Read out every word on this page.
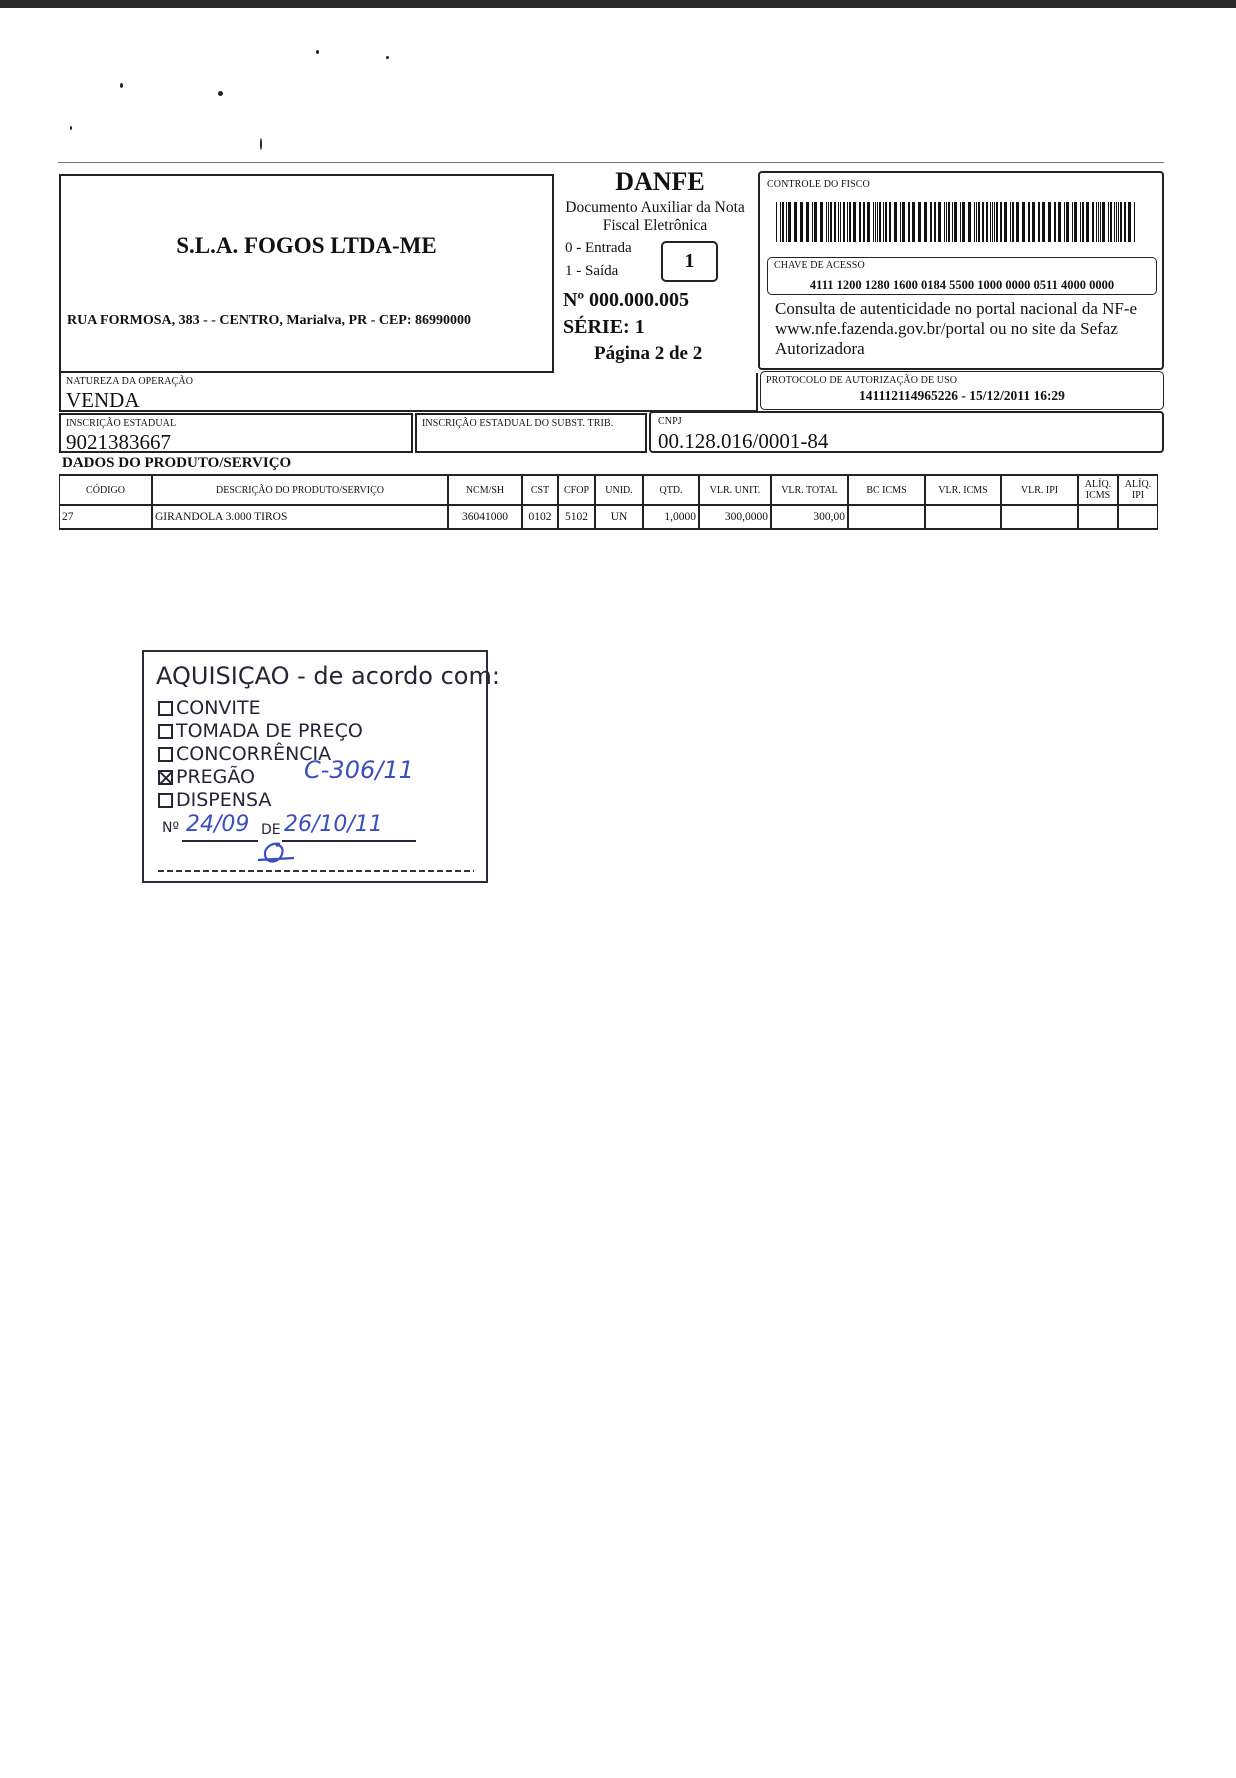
S.L.A. FOGOS LTDA-ME
RUA FORMOSA, 383 - - CENTRO, Marialva, PR - CEP: 86990000
DANFE
Documento Auxiliar da Nota Fiscal Eletrônica
0 - Entrada
1 - Saída	1
Nº 000.000.005
SÉRIE: 1
Página 2 de 2
CONTROLE DO FISCO
CHAVE DE ACESSO
4111 1200 1280 1600 0184 5500 1000 0000 0511 4000 0000
Consulta de autenticidade no portal nacional da NF-e www.nfe.fazenda.gov.br/portal ou no site da Sefaz Autorizadora
NATUREZA DA OPERAÇÃO
VENDA
PROTOCOLO DE AUTORIZAÇÃO DE USO
141112114965226 - 15/12/2011 16:29
INSCRIÇÃO ESTADUAL
9021383667
INSCRIÇÃO ESTADUAL DO SUBST. TRIB.	CNPJ
00.128.016/0001-84
DADOS DO PRODUTO/SERVIÇO
CÓDIGO	DESCRIÇÃO DO PRODUTO/SERVIÇO	NCM/SH	CST	CFOP	UNID.	QTD.	VLR. UNIT.	VLR. TOTAL	BC ICMS	VLR. ICMS	VLR. IPI	ALÍQ. ICMS	ALÍQ. IPI
27	GIRANDOLA 3.000 TIROS	36041000	0102	5102	UN	1,0000	300,0000	300,00					
AQUISIÇAO - de acordo com:
CONVITE
TOMADA DE PREÇO
CONCORRÊNCIA
PREGÃO
DISPENSA
C-306/11
Nº 24/09 DE 26/10/11
